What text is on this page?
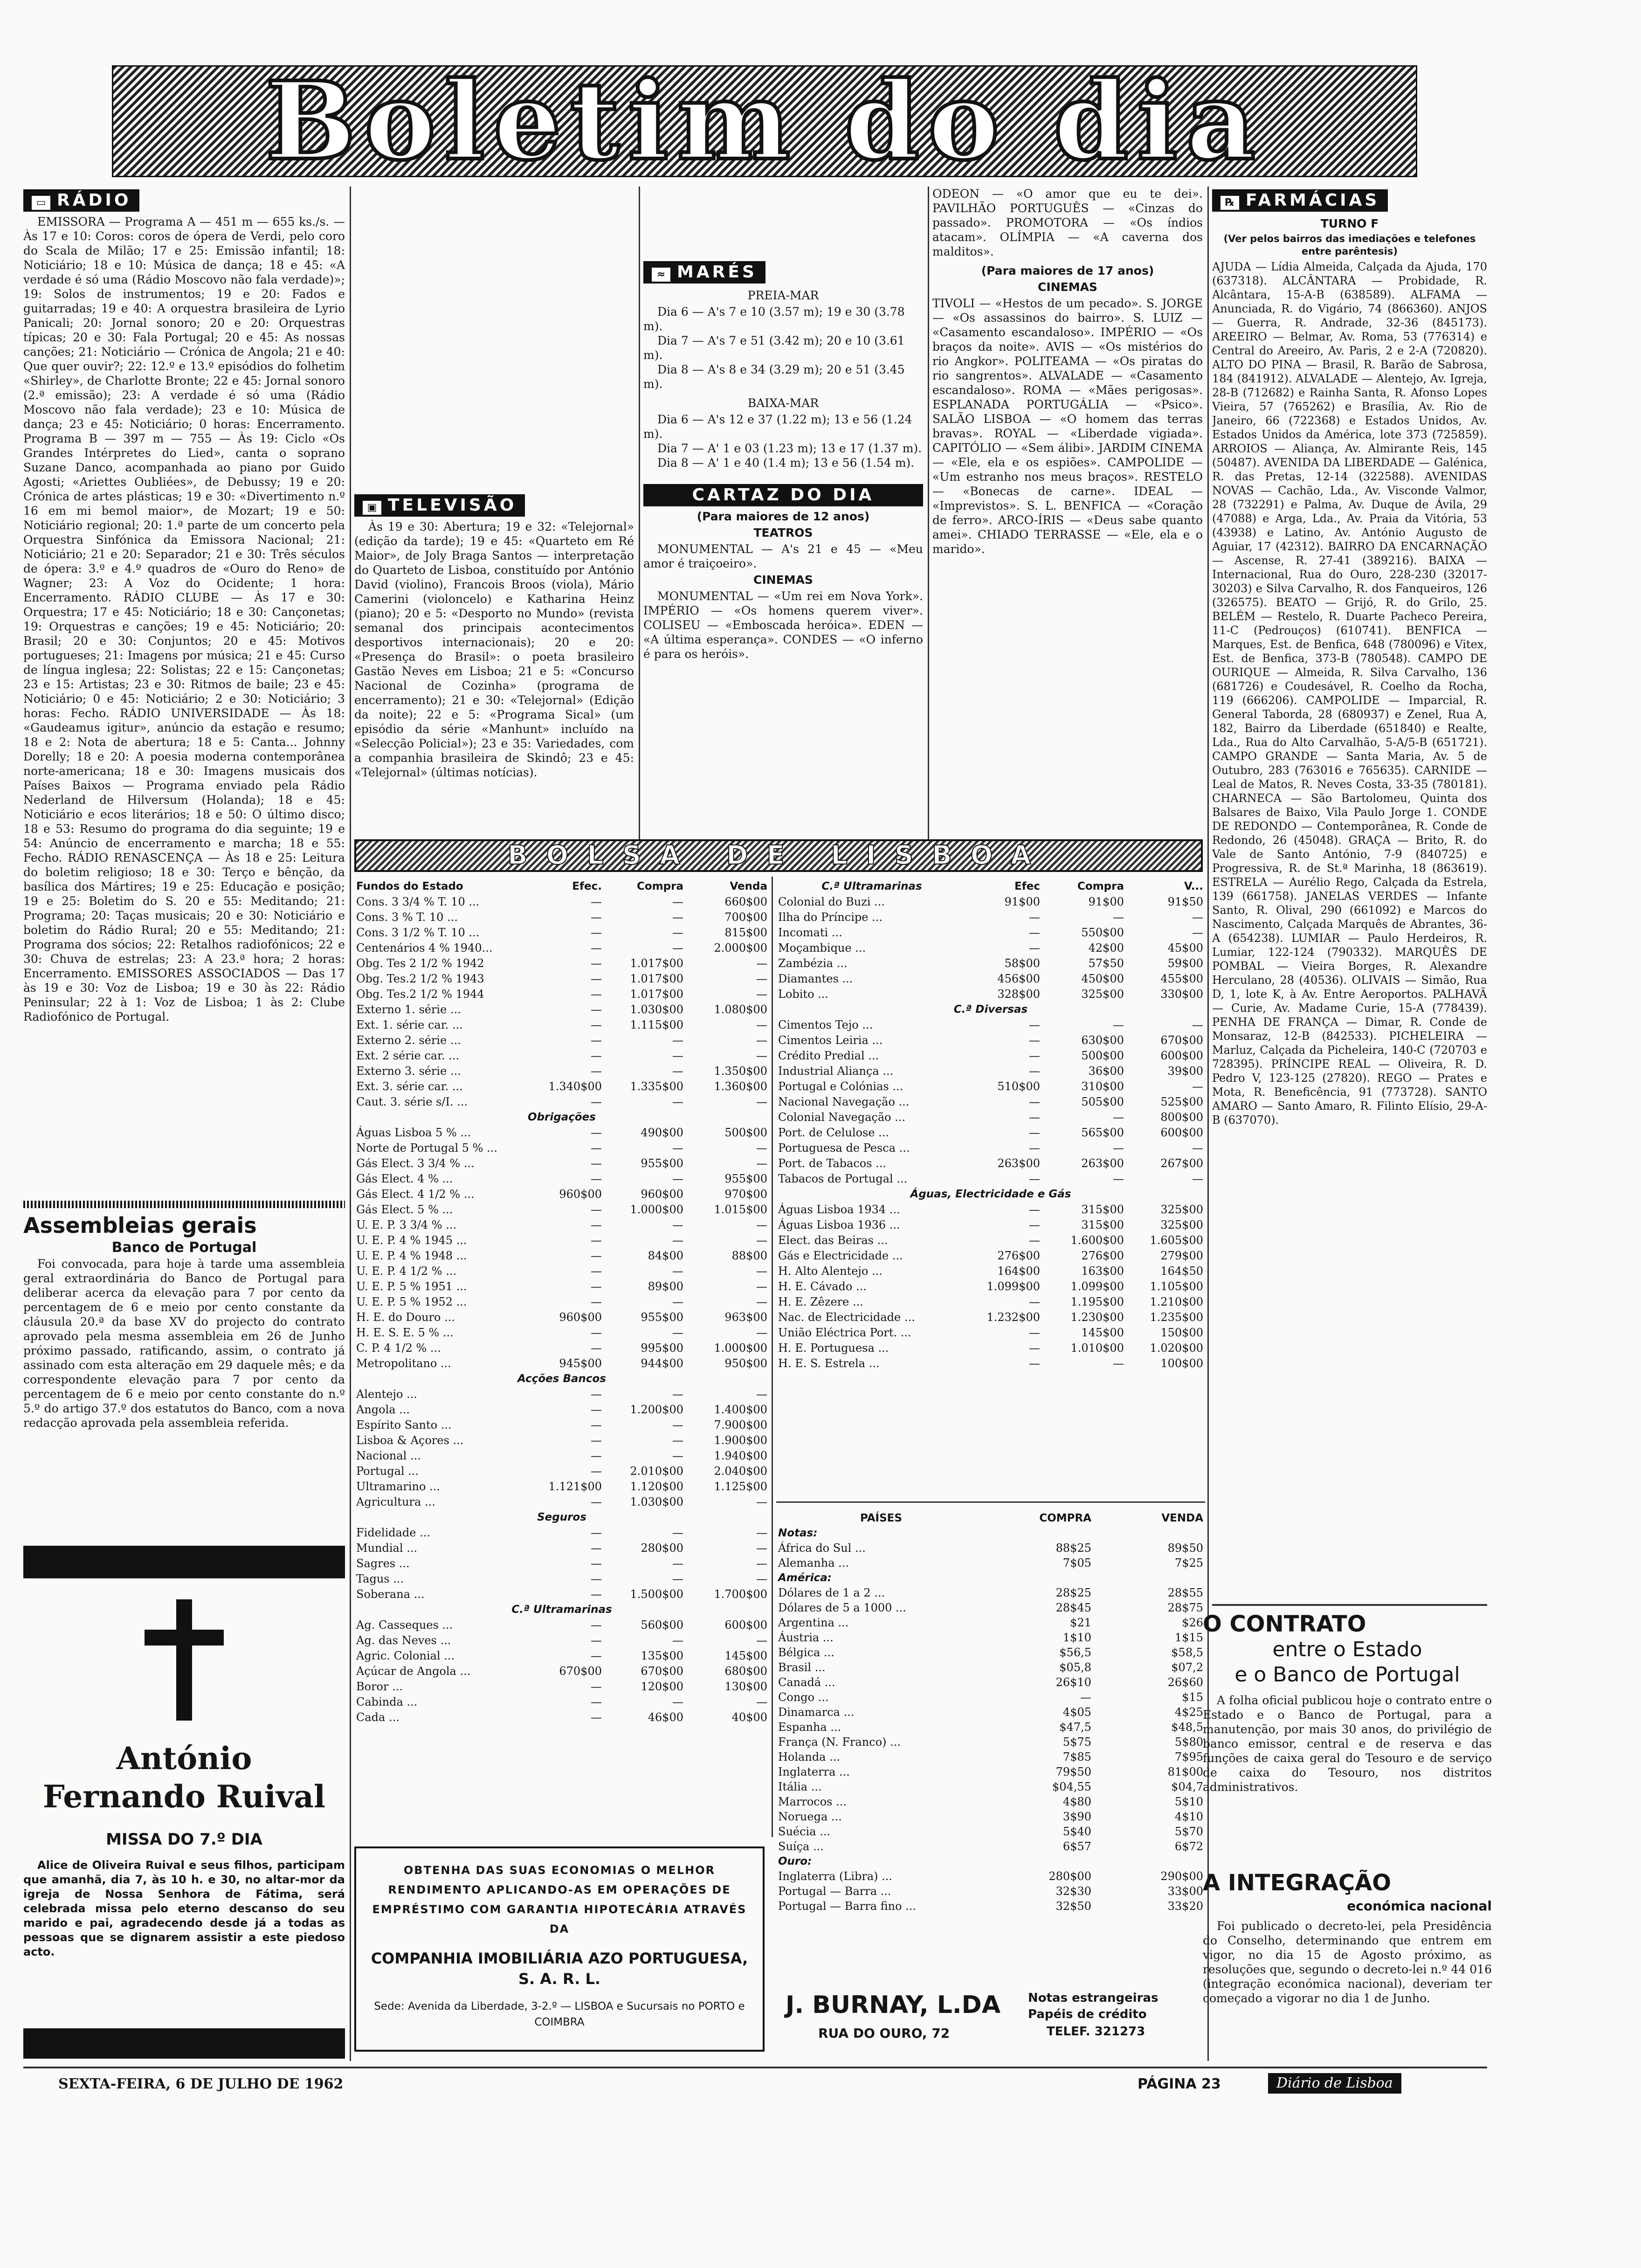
Boletim do dia
▭ RÁDIO

EMISSORA — Programa A — 451 m — 655 ks./s. — Às 17 e 10: Coros: coros de ópera de Verdi, pelo coro do Scala de Milão; 17 e 25: Emissão infantil; 18: Noticiário; 18 e 10: Música de dança; 18 e 45: «A verdade é só uma (Rádio Moscovo não fala verdade)»; 19: Solos de instrumentos; 19 e 20: Fados e guitarradas; 19 e 40: A orquestra brasileira de Lyrio Panicali; 20: Jornal sonoro; 20 e 20: Orquestras típicas; 20 e 30: Fala Portugal; 20 e 45: As nossas canções; 21: Noticiário — Crónica de Angola; 21 e 40: Que quer ouvir?; 22: 12.º e 13.º episódios do folhetim «Shirley», de Charlotte Bronte; 22 e 45: Jornal sonoro (2.ª emissão); 23: A verdade é só uma (Rádio Moscovo não fala verdade); 23 e 10: Música de dança; 23 e 45: Noticiário; 0 horas: Encerramento. Programa B — 397 m — 755 — Às 19: Ciclo «Os Grandes Intérpretes do Lied», canta o soprano Suzane Danco, acompanhada ao piano por Guido Agosti; «Ariettes Oubliées», de Debussy; 19 e 20: Crónica de artes plásticas; 19 e 30: «Divertimento n.º 16 em mi bemol maior», de Mozart; 19 e 50: Noticiário regional; 20: 1.ª parte de um concerto pela Orquestra Sinfónica da Emissora Nacional; 21: Noticiário; 21 e 20: Separador; 21 e 30: Três séculos de ópera: 3.º e 4.º quadros de «Ouro do Reno» de Wagner; 23: A Voz do Ocidente; 1 hora: Encerramento. RÁDIO CLUBE — Às 17 e 30: Orquestra; 17 e 45: Noticiário; 18 e 30: Cançonetas; 19: Orquestras e canções; 19 e 45: Noticiário; 20: Brasil; 20 e 30: Conjuntos; 20 e 45: Motivos portugueses; 21: Imagens por música; 21 e 45: Curso de língua inglesa; 22: Solistas; 22 e 15: Cançonetas; 23 e 15: Artistas; 23 e 30: Ritmos de baile; 23 e 45: Noticiário; 0 e 45: Noticiário; 2 e 30: Noticiário; 3 horas: Fecho. RÁDIO UNIVERSIDADE — Às 18: «Gaudeamus igitur», anúncio da estação e resumo; 18 e 2: Nota de abertura; 18 e 5: Canta... Johnny Dorelly; 18 e 20: A poesia moderna contemporânea norte-americana; 18 e 30: Imagens musicais dos Países Baixos — Programa enviado pela Rádio Nederland de Hilversum (Holanda); 18 e 45: Noticiário e ecos literários; 18 e 50: O último disco; 18 e 53: Resumo do programa do dia seguinte; 19 e 54: Anúncio de encerramento e marcha; 18 e 55: Fecho. RÁDIO RENASCENÇA — Às 18 e 25: Leitura do boletim religioso; 18 e 30: Terço e bênção, da basílica dos Mártires; 19 e 25: Educação e posição; 19 e 25: Boletim do S. 20 e 55: Meditando; 21: Programa; 20: Taças musicais; 20 e 30: Noticiário e boletim do Rádio Rural; 20 e 55: Meditando; 21: Programa dos sócios; 22: Retalhos radiofónicos; 22 e 30: Chuva de estrelas; 23: A 23.ª hora; 2 horas: Encerramento. EMISSORES ASSOCIADOS — Das 17 às 19 e 30: Voz de Lisboa; 19 e 30 às 22: Rádio Peninsular; 22 à 1: Voz de Lisboa; 1 às 2: Clube Radiofónico de Portugal.

Assembleias gerais
Banco de Portugal

Foi convocada, para hoje à tarde uma assembleia geral extraordinária do Banco de Portugal para deliberar acerca da elevação para 7 por cento da percentagem de 6 e meio por cento constante da cláusula 20.ª da base XV do projecto do contrato aprovado pela mesma assembleia em 26 de Junho próximo passado, ratificando, assim, o contrato já assinado com esta alteração em 29 daquele mês; e da correspondente elevação para 7 por cento da percentagem de 6 e meio por cento constante do n.º 5.º do artigo 37.º dos estatutos do Banco, com a nova redacção aprovada pela assembleia referida.

António Fernando Ruival
MISSA DO 7.º DIA

Alice de Oliveira Ruival e seus filhos, participam que amanhã, dia 7, às 10 h. e 30, no altar-mor da igreja de Nossa Senhora de Fátima, será celebrada missa pelo eterno descanso do seu marido e pai, agradecendo desde já a todas as pessoas que se dignarem assistir a este piedoso acto.

▣ TELEVISÃO

Às 19 e 30: Abertura; 19 e 32: «Telejornal» (edição da tarde); 19 e 45: «Quarteto em Ré Maior», de Joly Braga Santos — interpretação do Quarteto de Lisboa, constituído por António David (violino), Francois Broos (viola), Mário Camerini (violoncelo) e Katharina Heinz (piano); 20 e 5: «Desporto no Mundo» (revista semanal dos principais acontecimentos desportivos internacionais); 20 e 20: «Presença do Brasil»: o poeta brasileiro Gastão Neves em Lisboa; 21 e 5: «Concurso Nacional de Cozinha» (programa de encerramento); 21 e 30: «Telejornal» (Edição da noite); 22 e 5: «Programa Sical» (um episódio da série «Manhunt» incluído na «Selecção Policial»); 23 e 35: Variedades, com a companhia brasileira de Skindô; 23 e 45: «Telejornal» (últimas notícias).

≈ MARÉS
PREIA-MAR
Dia 6 — A's 7 e 10 (3.57 m); 19 e 30 (3.78 m).
Dia 7 — A's 7 e 51 (3.42 m); 20 e 10 (3.61 m).
Dia 8 — A's 8 e 34 (3.29 m); 20 e 51 (3.45 m).
BAIXA-MAR
Dia 6 — A's 12 e 37 (1.22 m); 13 e 56 (1.24 m).
Dia 7 — A' 1 e 03 (1.23 m); 13 e 17 (1.37 m).
Dia 8 — A' 1 e 40 (1.4 m); 13 e 56 (1.54 m).
CARTAZ DO DIA
(Para maiores de 12 anos)
TEATROS

MONUMENTAL — A's 21 e 45 — «Meu amor é traiçoeiro».

CINEMAS

MONUMENTAL — «Um rei em Nova York». IMPÉRIO — «Os homens querem viver». COLISEU — «Emboscada heróica». EDEN — «A última esperança». CONDES — «O inferno é para os heróis».

ODEON — «O amor que eu te dei». PAVILHÃO PORTUGUÊS — «Cinzas do passado». PROMOTORA — «Os índios atacam». OLÍMPIA — «A caverna dos malditos».

(Para maiores de 17 anos)
CINEMAS

TIVOLI — «Hestos de um pecado». S. JORGE — «Os assassinos do bairro». S. LUIZ — «Casamento escandaloso». IMPÉRIO — «Os braços da noite». AVIS — «Os mistérios do rio Angkor». POLITEAMA — «Os piratas do rio sangrentos». ALVALADE — «Casamento escandaloso». ROMA — «Mães perigosas». ESPLANADA PORTUGÁLIA — «Psico». SALÃO LISBOA — «O homem das terras bravas». ROYAL — «Liberdade vigiada». CAPITÓLIO — «Sem álibi». JARDIM CINEMA — «Ele, ela e os espiões». CAMPOLIDE — «Um estranho nos meus braços». RESTELO — «Bonecas de carne». IDEAL — «Imprevistos». S. L. BENFICA — «Coração de ferro». ARCO-ÍRIS — «Deus sabe quanto amei». CHIADO TERRASSE — «Ele, ela e o marido».

℞ FARMÁCIAS
TURNO F
(Ver pelos bairros das imediações e telefones entre parêntesis)

AJUDA — Lídia Almeida, Calçada da Ajuda, 170 (637318). ALCÂNTARA — Probidade, R. Alcântara, 15-A-B (638589). ALFAMA — Anunciada, R. do Vigário, 74 (866360). ANJOS — Guerra, R. Andrade, 32-36 (845173). AREEIRO — Belmar, Av. Roma, 53 (776314) e Central do Areeiro, Av. Paris, 2 e 2-A (720820). ALTO DO PINA — Brasil, R. Barão de Sabrosa, 184 (841912). ALVALADE — Alentejo, Av. Igreja, 28-B (712682) e Rainha Santa, R. Afonso Lopes Vieira, 57 (765262) e Brasília, Av. Rio de Janeiro, 66 (722368) e Estados Unidos, Av. Estados Unidos da América, lote 373 (725859). ARROIOS — Aliança, Av. Almirante Reis, 145 (50487). AVENIDA DA LIBERDADE — Galénica, R. das Pretas, 12-14 (322588). AVENIDAS NOVAS — Cachão, Lda., Av. Visconde Valmor, 28 (732291) e Palma, Av. Duque de Ávila, 29 (47088) e Arga, Lda., Av. Praia da Vitória, 53 (43938) e Latino, Av. António Augusto de Aguiar, 17 (42312). BAIRRO DA ENCARNAÇÃO — Ascense, R. 27-41 (389216). BAIXA — Internacional, Rua do Ouro, 228-230 (32017-30203) e Silva Carvalho, R. dos Fanqueiros, 126 (326575). BEATO — Grijó, R. do Grilo, 25. BELÉM — Restelo, R. Duarte Pacheco Pereira, 11-C (Pedrouços) (610741). BENFICA — Marques, Est. de Benfica, 648 (780096) e Vitex, Est. de Benfica, 373-B (780548). CAMPO DE OURIQUE — Almeida, R. Silva Carvalho, 136 (681726) e Coudesável, R. Coelho da Rocha, 119 (666206). CAMPOLIDE — Imparcial, R. General Taborda, 28 (680937) e Zenel, Rua A, 182, Bairro da Liberdade (651840) e Realte, Lda., Rua do Alto Carvalhão, 5-A/5-B (651721). CAMPO GRANDE — Santa Maria, Av. 5 de Outubro, 283 (763016 e 765635). CARNIDE — Leal de Matos, R. Neves Costa, 33-35 (780181). CHARNECA — São Bartolomeu, Quinta dos Balsares de Baixo, Vila Paulo Jorge 1. CONDE DE REDONDO — Contemporânea, R. Conde de Redondo, 26 (45048). GRAÇA — Brito, R. do Vale de Santo António, 7-9 (840725) e Progressiva, R. de St.ª Marinha, 18 (863619). ESTRELA — Aurélio Rego, Calçada da Estrela, 139 (661758). JANELAS VERDES — Infante Santo, R. Olival, 290 (661092) e Marcos do Nascimento, Calçada Marquês de Abrantes, 36-A (654238). LUMIAR — Paulo Herdeiros, R. Lumiar, 122-124 (790332). MARQUÊS DE POMBAL — Vieira Borges, R. Alexandre Herculano, 28 (40536). OLIVAIS — Simão, Rua D, 1, lote K, à Av. Entre Aeroportos. PALHAVÃ — Curie, Av. Madame Curie, 15-A (778439). PENHA DE FRANÇA — Dimar, R. Conde de Monsaraz, 12-B (842533). PICHELEIRA — Marluz, Calçada da Picheleira, 140-C (720703 e 728395). PRÍNCIPE REAL — Oliveira, R. D. Pedro V, 123-125 (27820). REGO — Prates e Mota, R. Beneficência, 91 (773728). SANTO AMARO — Santo Amaro, R. Filinto Elísio, 29-A-B (637070).

O CONTRATO
entre o Estado
e o Banco de Portugal

A folha oficial publicou hoje o contrato entre o Estado e o Banco de Portugal, para a manutenção, por mais 30 anos, do privilégio de banco emissor, central e de reserva e das funções de caixa geral do Tesouro e de serviço de caixa do Tesouro, nos distritos administrativos.

A INTEGRAÇÃO
económica nacional

Foi publicado o decreto-lei, pela Presidência do Conselho, determinando que entrem em vigor, no dia 15 de Agosto próximo, as resoluções que, segundo o decreto-lei n.º 44 016 (integração económica nacional), deveriam ter começado a vigorar no dia 1 de Junho.

BOLSA DE LISBOA
Fundos do Estado	Efec.	Compra	Venda

Cons. 3 3/4 % T. 10 ...	—	—	660$00
Cons. 3 % T. 10 ...	—	—	700$00
Cons. 3 1/2 % T. 10 ...	—	—	815$00
Centenários 4 % 1940...	—	—	2.000$00
Obg. Tes 2 1/2 % 1942	—	1.017$00	—
Obg. Tes.2 1/2 % 1943	—	1.017$00	—
Obg. Tes.2 1/2 % 1944	—	1.017$00	—
Externo 1. série ...	—	1.030$00	1.080$00
Ext. 1. série car. ...	—	1.115$00	—
Externo 2. série ...	—	—	—
Ext. 2 série car. ...	—	—	—
Externo 3. série ...	—	—	1.350$00
Ext. 3. série car. ...	1.340$00	1.335$00	1.360$00
Caut. 3. série s/I. ...	—	—	—
Obrigações			
Águas Lisboa 5 % ...	—	490$00	500$00
Norte de Portugal 5 % ...	—	—	—
Gás Elect. 3 3/4 % ...	—	955$00	—
Gás Elect. 4 % ...	—	—	955$00
Gás Elect. 4 1/2 % ...	960$00	960$00	970$00
Gás Elect. 5 % ...	—	1.000$00	1.015$00
U. E. P. 3 3/4 % ...	—	—	—
U. E. P. 4 % 1945 ...	—	—	—
U. E. P. 4 % 1948 ...	—	84$00	88$00
U. E. P. 4 1/2 % ...	—	—	—
U. E. P. 5 % 1951 ...	—	89$00	—
U. E. P. 5 % 1952 ...	—	—	—
H. E. do Douro ...	960$00	955$00	963$00
H. E. S. E. 5 % ...	—	—	—
C. P. 4 1/2 % ...	—	995$00	1.000$00
Metropolitano ...	945$00	944$00	950$00
Acções Bancos			
Alentejo ...	—	—	—
Angola ...	—	1.200$00	1.400$00
Espírito Santo ...	—	—	7.900$00
Lisboa & Açores ...	—	—	1.900$00
Nacional ...	—	—	1.940$00
Portugal ...	—	2.010$00	2.040$00
Ultramarino ...	1.121$00	1.120$00	1.125$00
Agricultura ...	—	1.030$00	—
Seguros			
Fidelidade ...	—	—	—
Mundial ...	—	280$00	—
Sagres ...	—	—	—
Tagus ...	—	—	—
Soberana ...	—	1.500$00	1.700$00
C.ª Ultramarinas			
Ag. Casseques ...	—	560$00	600$00
Ag. das Neves ...	—	—	—
Agric. Colonial ...	—	135$00	145$00
Açúcar de Angola ...	670$00	670$00	680$00
Boror ...	—	120$00	130$00
Cabinda ...	—	—	—
Cada ...	—	46$00	40$00
C.ª Ultramarinas	Efec	Compra	V...
Colonial do Buzi ...	91$00	91$00	91$50
Ilha do Príncipe ...	—	—	—
Incomati ...	—	550$00	—
Moçambique ...	—	42$00	45$00
Zambézia ...	58$00	57$50	59$00
Diamantes ...	456$00	450$00	455$00
Lobito ...	328$00	325$00	330$00
C.ª Diversas			
Cimentos Tejo ...	—	—	—
Cimentos Leiria ...	—	630$00	670$00
Crédito Predial ...	—	500$00	600$00
Industrial Aliança ...	—	36$00	39$00
Portugal e Colónias ...	510$00	310$00	—
Nacional Navegação ...	—	505$00	525$00
Colonial Navegação ...	—	—	800$00
Port. de Celulose ...	—	565$00	600$00
Portuguesa de Pesca ...	—	—	—
Port. de Tabacos ...	263$00	263$00	267$00
Tabacos de Portugal ...	—	—	—
Águas, Electricidade e Gás			
Águas Lisboa 1934 ...	—	315$00	325$00
Águas Lisboa 1936 ...	—	315$00	325$00
Elect. das Beiras ...	—	1.600$00	1.605$00
Gás e Electricidade ...	276$00	276$00	279$00
H. Alto Alentejo ...	164$00	163$00	164$50
H. E. Cávado ...	1.099$00	1.099$00	1.105$00
H. E. Zêzere ...	—	1.195$00	1.210$00
Nac. de Electricidade ...	1.232$00	1.230$00	1.235$00
União Eléctrica Port. ...	—	145$00	150$00
H. E. Portuguesa ...	—	1.010$00	1.020$00
H. E. S. Estrela ...	—	—	100$00
PAÍSES	COMPRA	VENDA
Notas:		
África do Sul ...	88$25	89$50
Alemanha ...	7$05	7$25
América:		
Dólares de 1 a 2 ...	28$25	28$55
Dólares de 5 a 1000 ...	28$45	28$75
Argentina ...	$21	$26
Áustria ...	1$10	1$15
Bélgica ...	$56,5	$58,5
Brasil ...	$05,8	$07,2
Canadá ...	26$10	26$60
Congo ...	—	$15
Dinamarca ...	4$05	4$25
Espanha ...	$47,5	$48,5
França (N. Franco) ...	5$75	5$80
Holanda ...	7$85	7$95
Inglaterra ...	79$50	81$00
Itália ...	$04,55	$04,7
Marrocos ...	4$80	5$10
Noruega ...	3$90	4$10
Suécia ...	5$40	5$70
Suíça ...	6$57	6$72
Ouro:		
Inglaterra (Libra) ...	280$00	290$00
Portugal — Barra ...	32$30	33$00
Portugal — Barra fino ...	32$50	33$20
OBTENHA DAS SUAS ECONOMIAS O MELHOR RENDIMENTO APLICANDO-AS EM OPERAÇÕES DE EMPRÉSTIMO COM GARANTIA HIPOTECÁRIA ATRAVÉS DA
COMPANHIA IMOBILIÁRIA AZO PORTUGUESA, S. A. R. L.
Sede: Avenida da Liberdade, 3-2.º — LISBOA e Sucursais no PORTO e COIMBRA
J. BURNAY, L.DA
RUA DO OURO, 72
Notas estrangeiras
Papéis de crédito
TELEF. 321273
SEXTA-FEIRA, 6 DE JULHO DE 1962	PÁGINA 23	Diário de Lisboa
